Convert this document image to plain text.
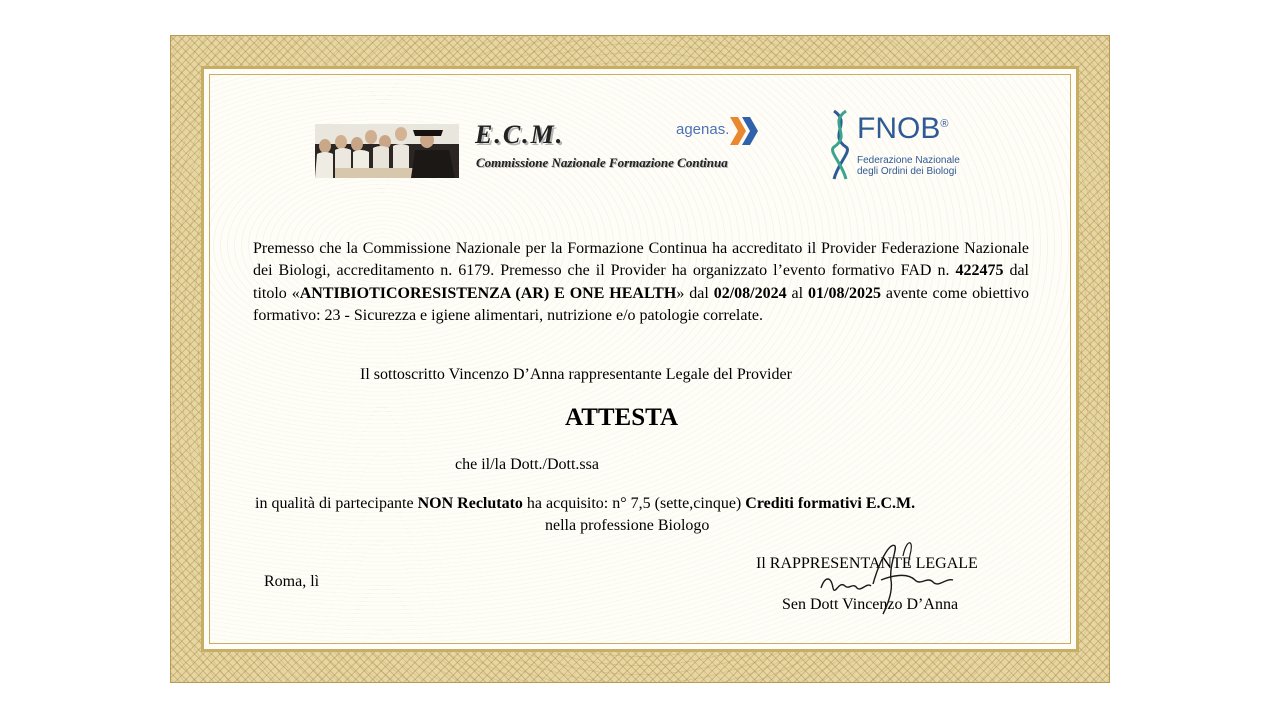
E.C.M.
Commissione Nazionale Formazione Continua
agenas.	FNOB®
Federazione Nazionale
degli Ordini dei Biologi
Premesso che la Commissione Nazionale per la Formazione Continua ha accreditato il Provider Federazione Nazionale dei Biologi, accreditamento n. 6179. Premesso che il Provider ha organizzato l’evento formativo FAD n. 422475 dal titolo «ANTIBIOTICORESISTENZA (AR) E ONE HEALTH» dal 02/08/2024 al 01/08/2025 avente come obiettivo formativo: 23 - Sicurezza e igiene alimentari, nutrizione e/o patologie correlate.
Il sottoscritto Vincenzo D’Anna rappresentante Legale del Provider
ATTESTA
che il/la Dott./Dott.ssa
in qualità di partecipante NON Reclutato ha acquisito: n° 7,5 (sette,cinque) Crediti formativi E.C.M.
nella professione Biologo
Roma, lì
Il RAPPRESENTANTE LEGALE
Sen Dott Vincenzo D’Anna
